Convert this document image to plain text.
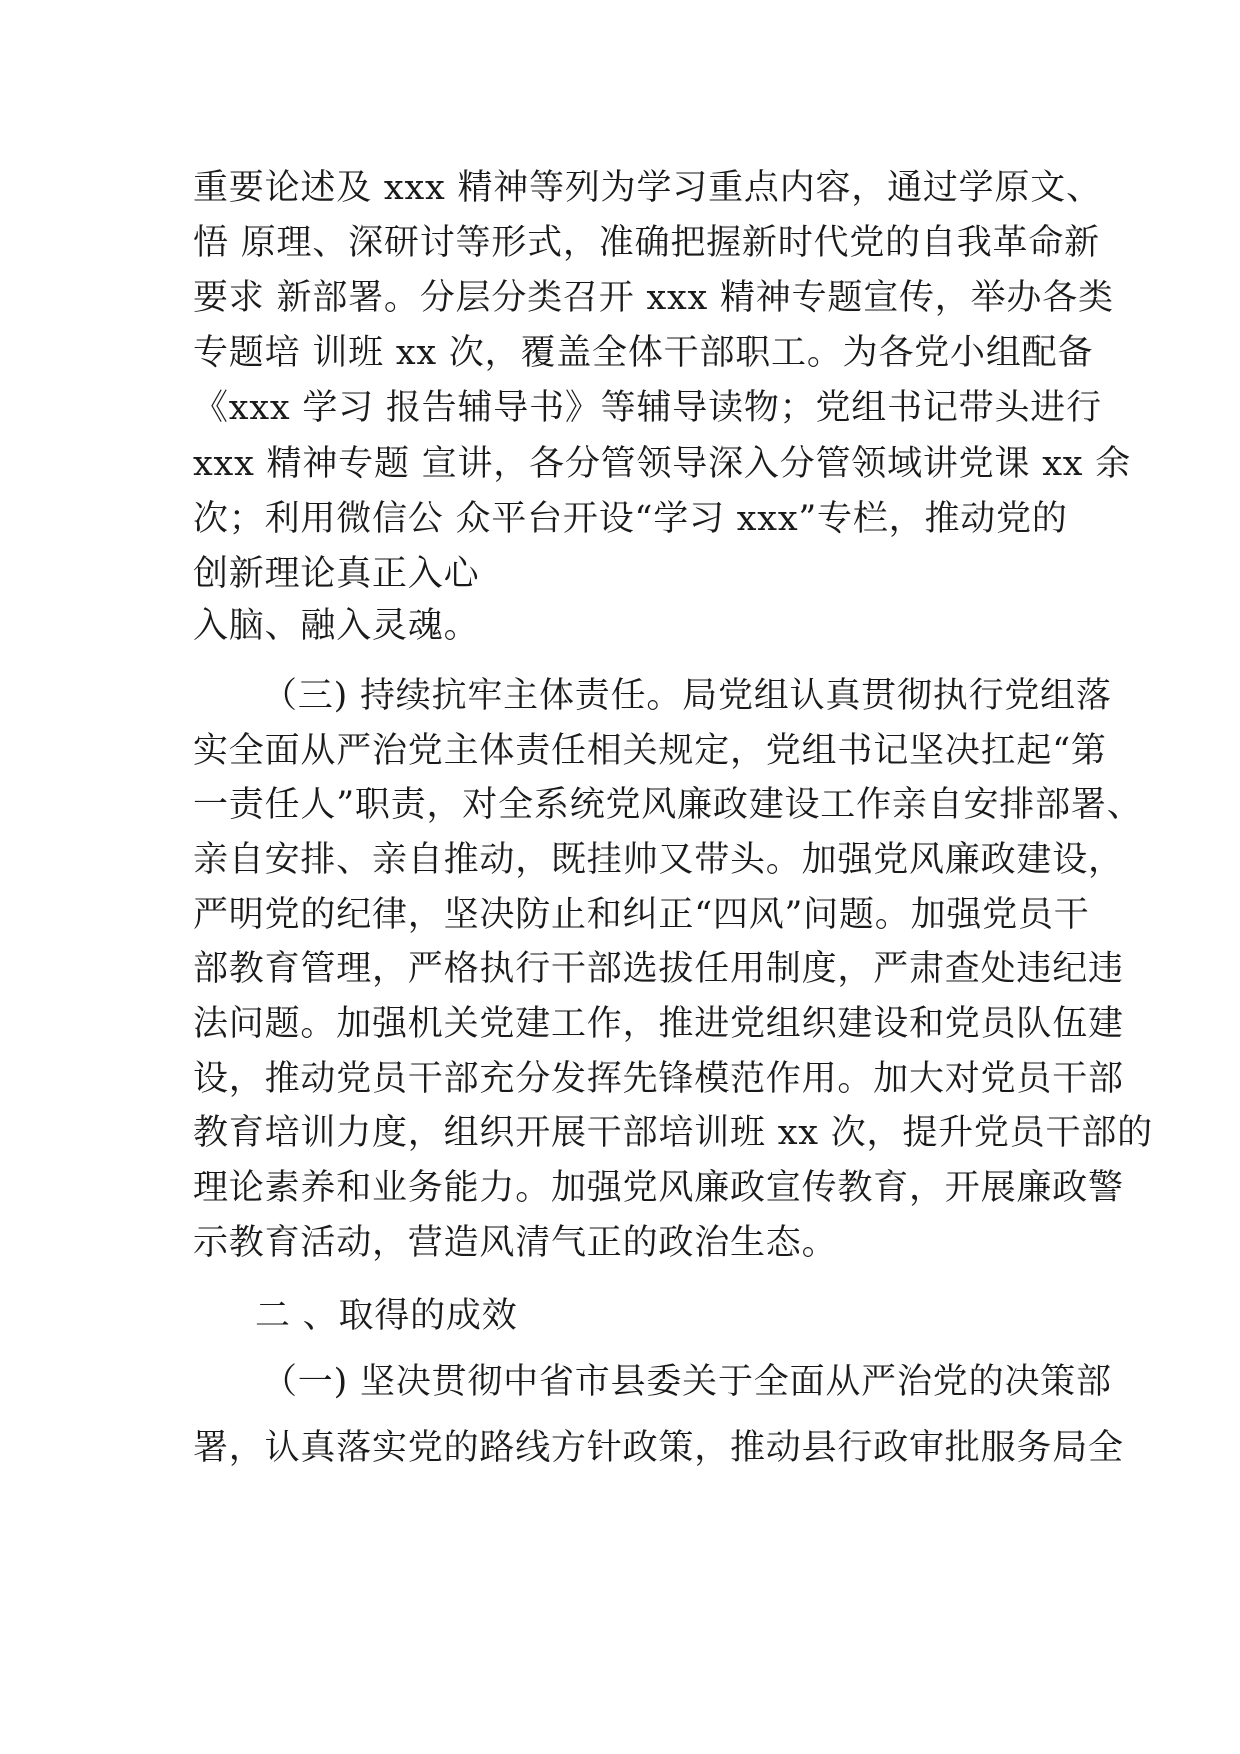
重要论述及 xxx 精神等列为学习重点内容，通过学原文、
悟 原理、深研讨等形式，准确把握新时代党的自我革命新
要求 新部署。分层分类召开 xxx 精神专题宣传，举办各类
专题培 训班 xx 次，覆盖全体干部职工。为各党小组配备
《xxx 学习 报告辅导书》等辅导读物；党组书记带头进行
xxx 精神专题 宣讲，各分管领导深入分管领域讲党课 xx 余
次；利用微信公 众平台开设“学习 xxx”专栏，推动党的
创新理论真正入心
入脑、融入灵魂。
（三) 持续抗牢主体责任。局党组认真贯彻执行党组落
实全面从严治党主体责任相关规定，党组书记坚决扛起“第
一责任人”职责，对全系统党风廉政建设工作亲自安排部署、
亲自安排、亲自推动，既挂帅又带头。加强党风廉政建设，
严明党的纪律，坚决防止和纠正“四风”问题。加强党员干
部教育管理，严格执行干部选拔任用制度，严肃查处违纪违
法问题。加强机关党建工作，推进党组织建设和党员队伍建
设，推动党员干部充分发挥先锋模范作用。加大对党员干部
教育培训力度，组织开展干部培训班 xx 次，提升党员干部的
理论素养和业务能力。加强党风廉政宣传教育，开展廉政警
示教育活动，营造风清气正的政治生态。
二 、取得的成效
（一) 坚决贯彻中省市县委关于全面从严治党的决策部
署，认真落实党的路线方针政策，推动县行政审批服务局全
